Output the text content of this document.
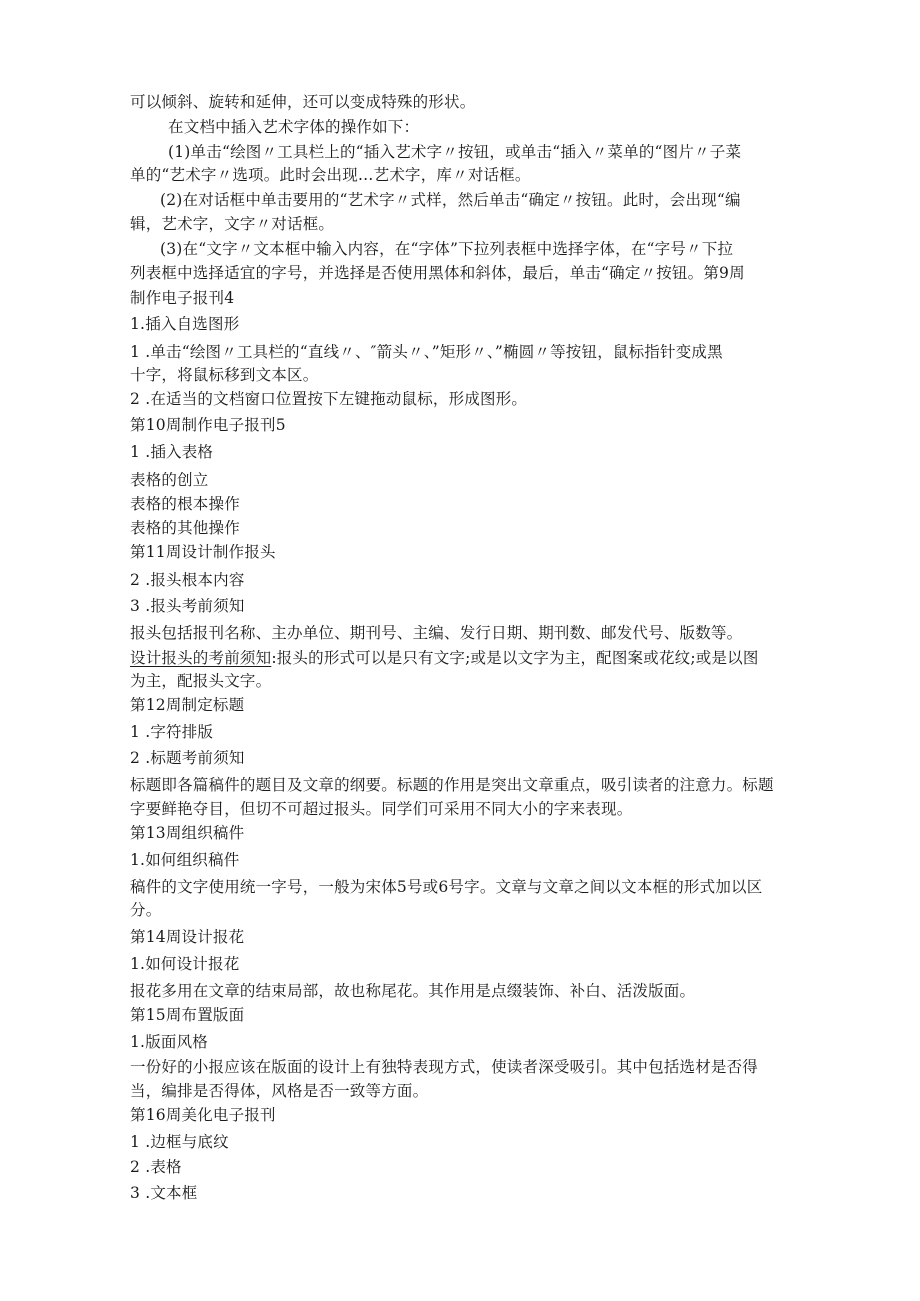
可以倾斜、旋转和延伸，还可以变成特殊的形状。
在文档中插入艺术字体的操作如下：
(1)单击“绘图〃工具栏上的“插入艺术字〃按钮，或单击“插入〃菜单的“图片〃子菜
单的“艺术字〃选项。此时会出现…艺术字，库〃对话框。
(2)在对话框中单击要用的“艺术字〃式样，然后单击“确定〃按钮。此时，会出现“编
辑，艺术字，文字〃对话框。
(3)在“文字〃文本框中输入内容，在“字体”下拉列表框中选择字体，在“字号〃下拉
列表框中选择适宜的字号，并选择是否使用黑体和斜体，最后，单击“确定〃按钮。第9周
制作电子报刊4
1.插入自选图形
1 .单击“绘图〃工具栏的“直线〃、″箭头〃、”矩形〃、”椭圆〃等按钮，鼠标指针变成黑
十字，将鼠标移到文本区。
2 .在适当的文档窗口位置按下左键拖动鼠标，形成图形。
第10周制作电子报刊5
1 .插入表格
表格的创立
表格的根本操作
表格的其他操作
第11周设计制作报头
2 .报头根本内容
3 .报头考前须知
报头包括报刊名称、主办单位、期刊号、主编、发行日期、期刊数、邮发代号、版数等。
设计报头的考前须知:报头的形式可以是只有文字;或是以文字为主，配图案或花纹;或是以图
为主，配报头文字。
第12周制定标题
1 .字符排版
2 .标题考前须知
标题即各篇稿件的题目及文章的纲要。标题的作用是突出文章重点，吸引读者的注意力。标题
字要鲜艳夺目，但切不可超过报头。同学们可采用不同大小的字来表现。
第13周组织稿件
1.如何组织稿件
稿件的文字使用统一字号，一般为宋体5号或6号字。文章与文章之间以文本框的形式加以区
分。
第14周设计报花
1.如何设计报花
报花多用在文章的结束局部，故也称尾花。其作用是点缀装饰、补白、活泼版面。
第15周布置版面
1.版面风格
一份好的小报应该在版面的设计上有独特表现方式，使读者深受吸引。其中包括选材是否得
当，编排是否得体，风格是否一致等方面。
第16周美化电子报刊
1 .边框与底纹
2 .表格
3 .文本框
